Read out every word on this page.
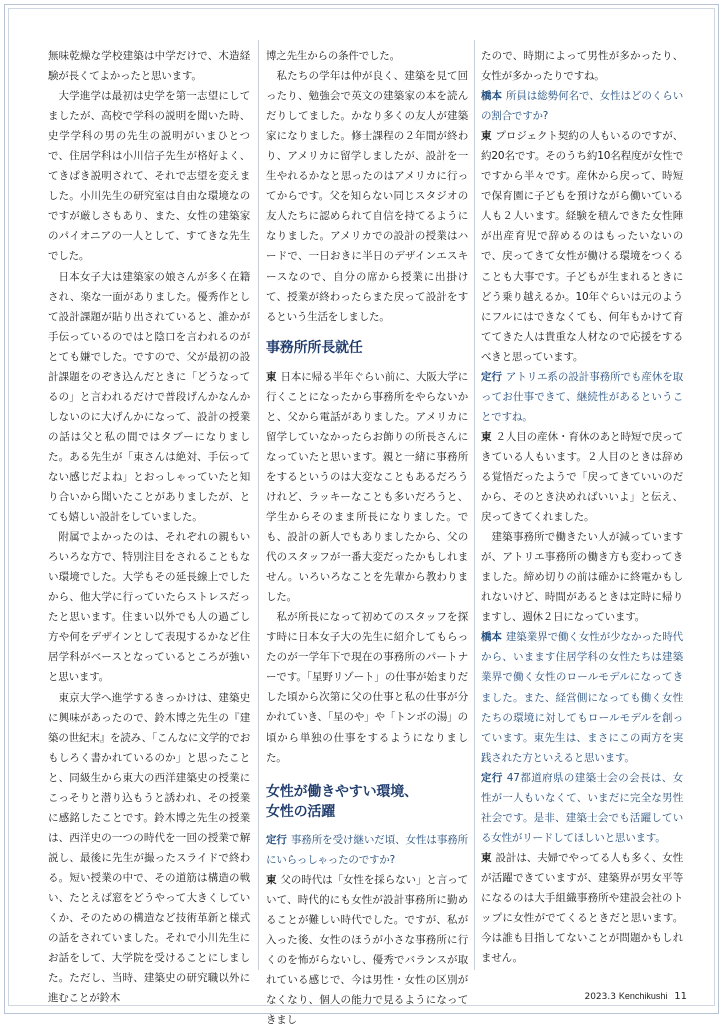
無味乾燥な学校建築は中学だけで、木造経験が長くてよかったと思います。

大学進学は最初は史学を第一志望にしてましたが、高校で学科の説明を聞いた時、史学学科の男の先生の説明がいまひとつで、住居学科は小川信子先生が格好よく、てきぱき説明されて、それで志望を変えました。小川先生の研究室は自由な環境なのですが厳しさもあり、また、女性の建築家のパイオニアの一人として、すてきな先生でした。

日本女子大は建築家の娘さんが多く在籍され、楽な一面がありました。優秀作として設計課題が貼り出されていると、誰かが手伝っているのではと陰口を言われるのがとても嫌でした。ですので、父が最初の設計課題をのぞき込んだときに「どうなってるの」と言われるだけで普段げんかなんかしないのに大げんかになって、設計の授業の話は父と私の間ではタブーになりました。ある先生が「東さんは絶対、手伝ってない感じだよね」とおっしゃっていたと知り合いから聞いたことがありましたが、とても嬉しい設計をしていました。

附属でよかったのは、それぞれの親もいろいろな方で、特別注目をされることもない環境でした。大学もその延長線上でしたから、他大学に行っていたらストレスだったと思います。住まい以外でも人の過ごし方や何をデザインとして表現するかなど住居学科がベースとなっているところが強いと思います。

東京大学へ進学するきっかけは、建築史に興味があったので、鈴木博之先生の『建築の世紀末』を読み、「こんなに文学的でおもしろく書かれているのか」と思ったことと、同級生から東大の西洋建築史の授業にこっそりと潜り込もうと誘われ、その授業に感銘したことです。鈴木博之先生の授業は、西洋史の一つの時代を一回の授業で解説し、最後に先生が撮ったスライドで終わる。短い授業の中で、その道筋は構造の戦い、たとえば窓をどうやって大きくしていくか、そのための構造など技術革新と様式の話をされていました。それで小川先生にお話をして、大学院を受けることにしました。ただし、当時、建築史の研究職以外に進むことが鈴木

博之先生からの条件でした。

私たちの学年は仲が良く、建築を見て回ったり、勉強会で英文の建築家の本を読んだりしてました。かなり多くの友人が建築家になりました。修士課程の２年間が終わり、アメリカに留学しましたが、設計を一生やれるかなと思ったのはアメリカに行ってからです。父を知らない同じスタジオの友人たちに認められて自信を持てるようになりました。アメリカでの設計の授業はハードで、一日おきに半日のデザインエスキースなので、自分の席から授業に出掛けて、授業が終わったらまた戻って設計をするという生活をしました。

事務所所長就任

東 日本に帰る半年ぐらい前に、大阪大学に行くことになったから事務所をやらないかと、父から電話がありました。アメリカに留学していなかったらお飾りの所長さんになっていたと思います。親と一緒に事務所をするというのは大変なこともあるだろうけれど、ラッキーなことも多いだろうと、学生からそのまま所長になりました。でも、設計の新人でもありましたから、父の代のスタッフが一番大変だったかもしれません。いろいろなことを先輩から教わりました。

私が所長になって初めてのスタッフを探す時に日本女子大の先生に紹介してもらったのが一学年下で現在の事務所のパートナーです。「星野リゾート」の仕事が始まりだした頃から次第に父の仕事と私の仕事が分かれていき、「星のや」や「トンボの湯」の頃から単独の仕事をするようになりました。

女性が働きやすい環境、
女性の活躍

定行 事務所を受け継いだ頃、女性は事務所にいらっしゃったのですか?

東 父の時代は「女性を採らない」と言っていて、時代的にも女性が設計事務所に勤めることが難しい時代でした。ですが、私が入った後、女性のほうが小さな事務所に行くのを怖がらないし、優秀でバランスが取れている感じで、今は男性・女性の区別がなくなり、個人の能力で見るようになってきまし

たので、時期によって男性が多かったり、女性が多かったりですね。

橋本 所員は総勢何名で、女性はどのくらいの割合ですか?

東 プロジェクト契約の人もいるのですが、約20名です。そのうち約10名程度が女性でですから半々です。産休から戻って、時短で保育園に子どもを預けながら働いている人も２人います。経験を積んできた女性陣が出産育児で辞めるのはもったいないので、戻ってきて女性が働ける環境をつくることも大事です。子どもが生まれるときにどう乗り越えるか。10年ぐらいは元のようにフルにはできなくても、何年もかけて育ててきた人は貴重な人材なので応援をするべきと思っています。

定行 アトリエ系の設計事務所でも産休を取ってお仕事できて、継続性があるということですね。

東 ２人目の産休・育休のあと時短で戻ってきている人もいます。２人目のときは辞める覚悟だったようで「戻ってきていいのだから、そのとき決めればいいよ」と伝え、戻ってきてくれました。

建築事務所で働きたい人が減っていますが、アトリエ事務所の働き方も変わってきました。締め切りの前は確かに終電かもしれないけど、時間があるときは定時に帰りますし、週休２日になっています。

橋本 建築業界で働く女性が少なかった時代から、いまます住居学科の女性たちは建築業界で働く女性のロールモデルになってきました。また、経営側になっても働く女性たちの環境に対してもロールモデルを創っています。東先生は、まさにこの両方を実践された方といえると思います。

定行 47都道府県の建築士会の会長は、女性が一人もいなくて、いまだに完全な男性社会です。是非、建築士会でも活躍している女性がリードしてほしいと思います。

東 設計は、夫婦でやってる人も多く、女性が活躍できていますが、建築界が男女平等になるのは大手組織事務所や建設会社のトップに女性がでてくるときだと思います。今は誰も目指してないことが問題かもしれません。

2023.3 Kenchikushi 11
